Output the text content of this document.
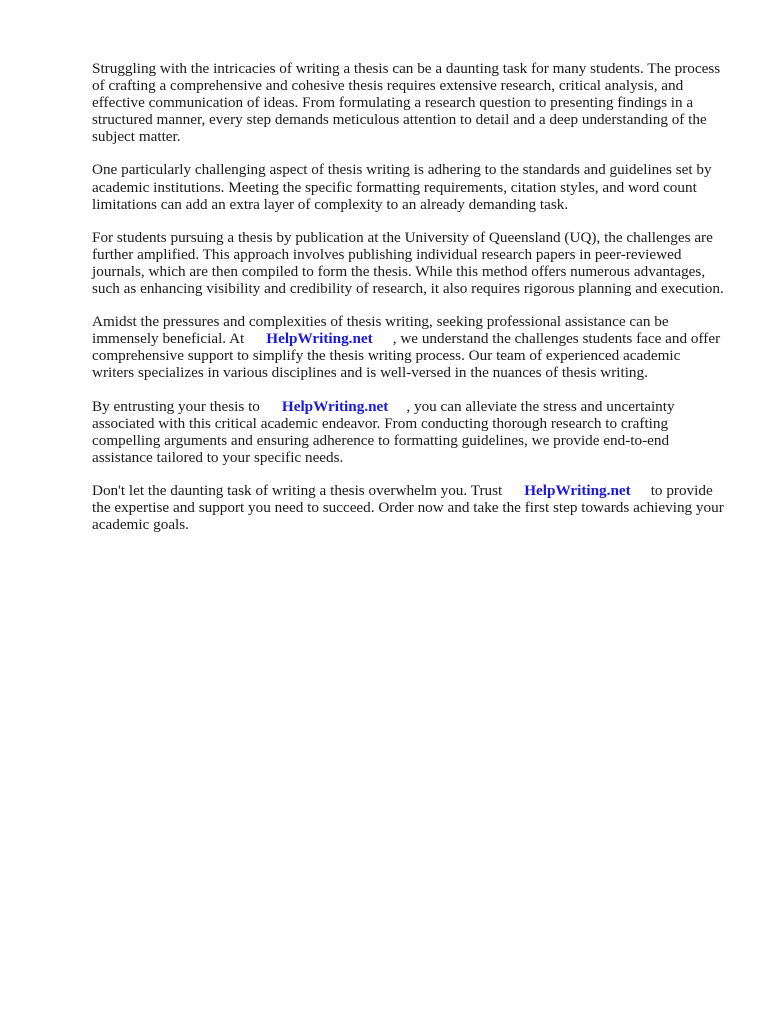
Struggling with the intricacies of writing a thesis can be a daunting task for many students. The process of crafting a comprehensive and cohesive thesis requires extensive research, critical analysis, and effective communication of ideas. From formulating a research question to presenting findings in a structured manner, every step demands meticulous attention to detail and a deep understanding of the subject matter.

One particularly challenging aspect of thesis writing is adhering to the standards and guidelines set by academic institutions. Meeting the specific formatting requirements, citation styles, and word count limitations can add an extra layer of complexity to an already demanding task.

For students pursuing a thesis by publication at the University of Queensland (UQ), the challenges are further amplified. This approach involves publishing individual research papers in peer-reviewed journals, which are then compiled to form the thesis. While this method offers numerous advantages, such as enhancing visibility and credibility of research, it also requires rigorous planning and execution.

Amidst the pressures and complexities of thesis writing, seeking professional assistance can be immensely beneficial. At HelpWriting.net , we understand the challenges students face and offer comprehensive support to simplify the thesis writing process. Our team of experienced academic writers specializes in various disciplines and is well-versed in the nuances of thesis writing.

By entrusting your thesis to HelpWriting.net , you can alleviate the stress and uncertainty associated with this critical academic endeavor. From conducting thorough research to crafting compelling arguments and ensuring adherence to formatting guidelines, we provide end-to-end assistance tailored to your specific needs.

Don't let the daunting task of writing a thesis overwhelm you. Trust HelpWriting.net to provide the expertise and support you need to succeed. Order now and take the first step towards achieving your academic goals.
